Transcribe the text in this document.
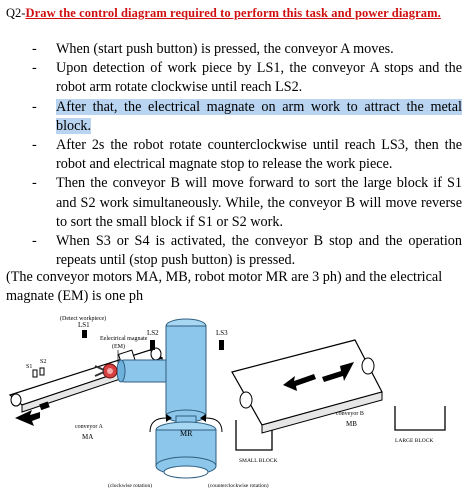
Q2-Draw the control diagram required to perform this task and power diagram.
- When (start push button) is pressed, the conveyor A moves.
- Upon detection of work piece by LS1, the conveyor A stops and the robot arm rotate clockwise until reach LS2.
- After that, the electrical magnate on arm work to attract the metal block.
- After 2s the robot rotate counterclockwise until reach LS3, then the robot and electrical magnate stop to release the work piece.
- Then the conveyor B will move forward to sort the large block if S1 and S2 work simultaneously. While, the conveyor B will move reverse to sort the small block if S1 or S2 work.
- When S3 or S4 is activated, the conveyor B stop and the operation repeats until (stop push button) is pressed.
(The conveyor motors MA, MB, robot motor MR are 3 ph) and the electrical magnate (EM) is one ph
S1
S2
(Detect workpiece)
LS1
Eelectrical magnate
(EM)
LS2
MR
LS3
conveyor A
MA
SMALL BLOCK
conveyor B
MB
LARGE BLOCK
(clockwise rotation)	(counterclockwise rotation)
